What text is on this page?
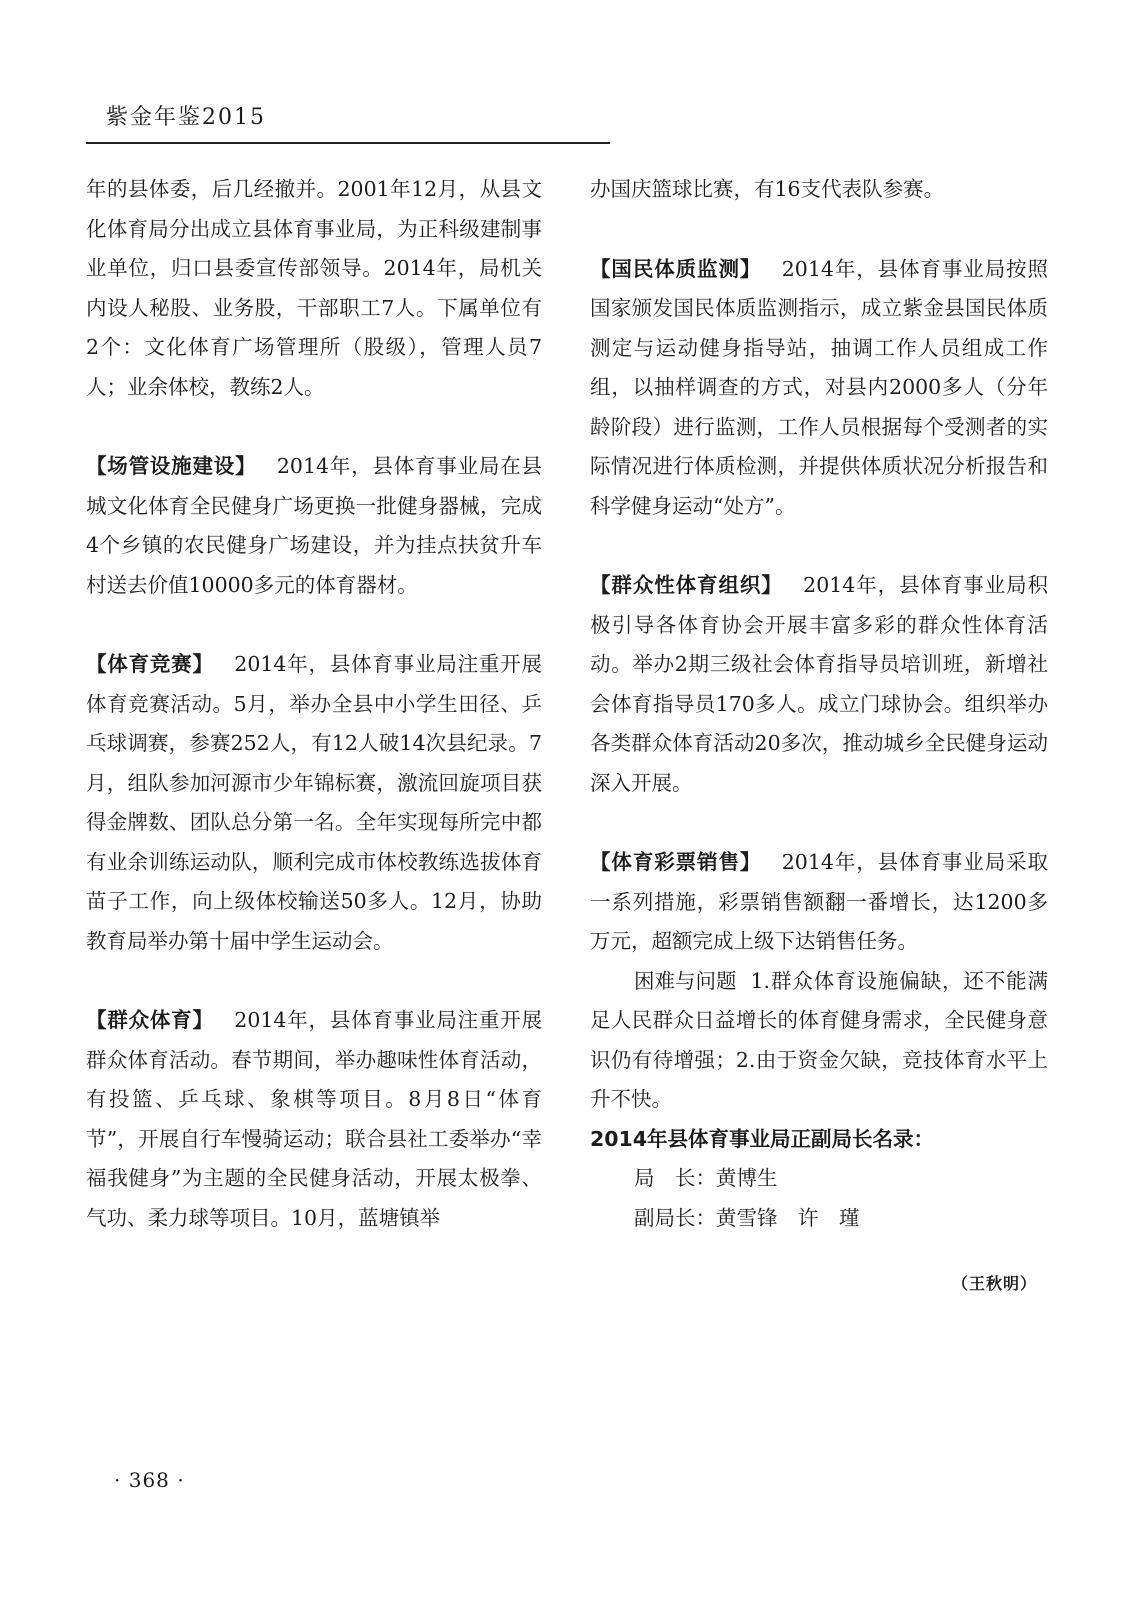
紫金年鉴2015

年的县体委，后几经撤并。2001年12月，从县文化体育局分出成立县体育事业局，为正科级建制事业单位，归口县委宣传部领导。2014年，局机关内设人秘股、业务股，干部职工7人。下属单位有2个：文化体育广场管理所（股级），管理人员7人；业余体校，教练2人。

【场管设施建设】  2014年，县体育事业局在县城文化体育全民健身广场更换一批健身器械，完成4个乡镇的农民健身广场建设，并为挂点扶贫升车村送去价值10000多元的体育器材。

【体育竞赛】  2014年，县体育事业局注重开展体育竞赛活动。5月，举办全县中小学生田径、乒乓球调赛，参赛252人，有12人破14次县纪录。7月，组队参加河源市少年锦标赛，激流回旋项目获得金牌数、团队总分第一名。全年实现每所完中都有业余训练运动队，顺利完成市体校教练选拔体育苗子工作，向上级体校输送50多人。12月，协助教育局举办第十届中学生运动会。

【群众体育】  2014年，县体育事业局注重开展群众体育活动。春节期间，举办趣味性体育活动，有投篮、乒乓球、象棋等项目。8月8日“体育节”，开展自行车慢骑运动；联合县社工委举办“幸福我健身”为主题的全民健身活动，开展太极拳、气功、柔力球等项目。10月，蓝塘镇举

办国庆篮球比赛，有16支代表队参赛。

【国民体质监测】  2014年，县体育事业局按照国家颁发国民体质监测指示，成立紫金县国民体质测定与运动健身指导站，抽调工作人员组成工作组，以抽样调查的方式，对县内2000多人（分年龄阶段）进行监测，工作人员根据每个受测者的实际情况进行体质检测，并提供体质状况分析报告和科学健身运动“处方”。

【群众性体育组织】  2014年，县体育事业局积极引导各体育协会开展丰富多彩的群众性体育活动。举办2期三级社会体育指导员培训班，新增社会体育指导员170多人。成立门球协会。组织举办各类群众体育活动20多次，推动城乡全民健身运动深入开展。

【体育彩票销售】  2014年，县体育事业局采取一系列措施，彩票销售额翻一番增长，达1200多万元，超额完成上级下达销售任务。

困难与问题 1.群众体育设施偏缺，还不能满足人民群众日益增长的体育健身需求，全民健身意识仍有待增强；2.由于资金欠缺，竞技体育水平上升不快。

2014年县体育事业局正副局长名录：

局　长：黄博生

副局长：黄雪锋　许　瑾

（王秋明）
· 368 ·
